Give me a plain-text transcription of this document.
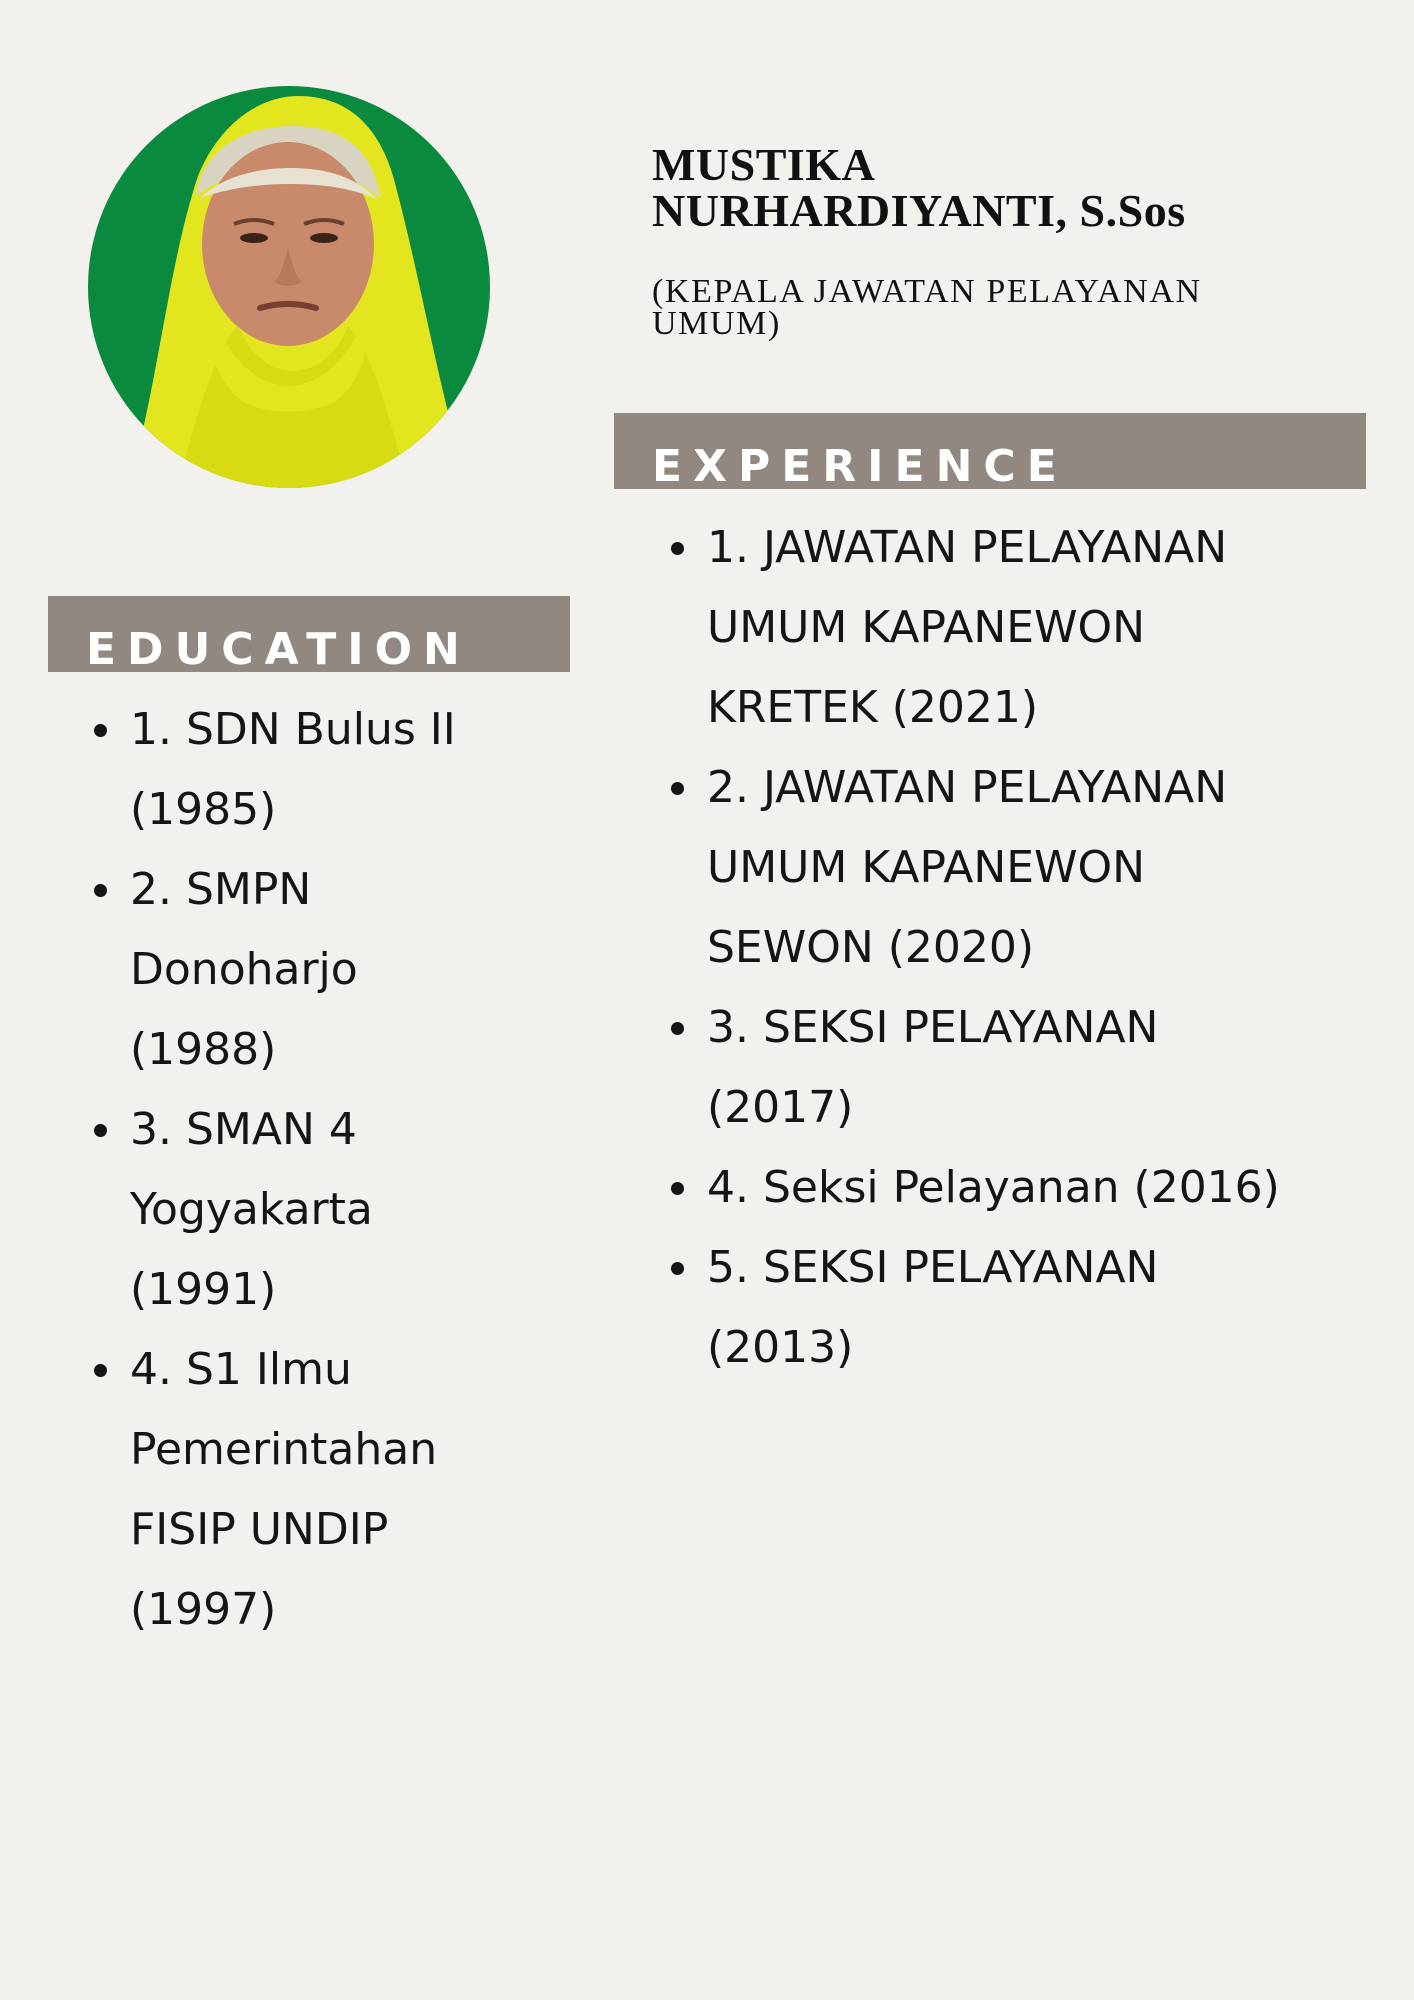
MUSTIKA
NURHARDIYANTI, S.Sos

(KEPALA JAWATAN PELAYANAN UMUM)

EXPERIENCE
1. JAWATAN PELAYANAN UMUM KAPANEWON KRETEK (2021)
2. JAWATAN PELAYANAN UMUM KAPANEWON SEWON (2020)
3. SEKSI PELAYANAN (2017)
4. Seksi Pelayanan (2016)
5. SEKSI PELAYANAN (2013)
EDUCATION
1. SDN Bulus II (1985)
2. SMPN Donoharjo (1988)
3. SMAN 4 Yogyakarta (1991)
4. S1 Ilmu Pemerintahan FISIP UNDIP (1997)
